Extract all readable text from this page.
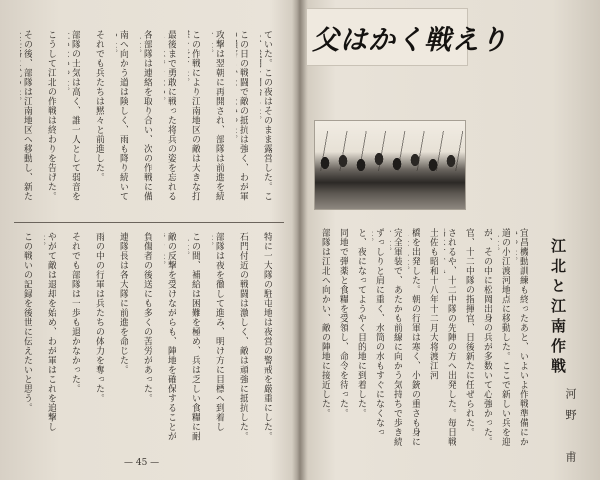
その後、部隊は江南地区へ移動し、新た こうして江北の作戦は終わりを告げた。 部隊の士気は高く、誰一人として弱音を
それでも兵たちは黙々と前進した。 南へ向かう道は険しく、雨も降り続いて
各部隊は連絡を取り合い、次の作戦に備
最後まで勇敢に戦った将兵の姿を忘れる
この作戦により江南地区の敵は大きな打
攻撃は翌朝に再開され、部隊は前進を続
この日の戦闘で敵の抵抗は強く、わが軍
ていた。この夜はそのまま露営した。こ
この戦いの記録を後世に伝えたいと思う。 やがて敵は退却を始め、わが軍はこれを追撃し
それでも部隊は一歩も退かなかった。 雨の中の行軍は兵たちの体力を奪った。 連隊長は各大隊に前進を命じた。 負傷者の後送にも多くの苦労があった。 敵の反撃を受けながらも、陣地を確保することが
この間、補給は困難を極め、兵は乏しい食糧に耐
部隊は夜を徹して進み、明け方に目標へ到着し 石門付近の戦闘は激しく、敵は頑強に抵抗した。 特に一大隊の駐屯地は夜営の警戒を厳重にした。
— 45 —
父はかく戦えり
部隊は江北へ向かい、敵の陣地に接近した。 同地で弾薬と食糧を受領し、命令を待った。 と、夜になってようやく目的地に到着した。 ずっしりと肩に重く、水筒の水もすぐになくなっ
完全軍装で、あたかも前線に向かう気持ちで歩き続
橋を出発した。朝の行軍は寒く、小銃の重さも身に
土佐も昭和十八年十二月大将渡江河 されるや、十二中隊の先陣の方へ出発した。毎日戦
官、十二中隊の指揮官、日後新たに任ぜられた。 が、その中に松岡出身の兵が多数いて心強かった。 道の小江渡河地点に移動した。ここで新しい兵を迎
宜昌機動訓練も終ったあと、いよいよ作戦準備にか
江北と江南作戦
河野　甫
